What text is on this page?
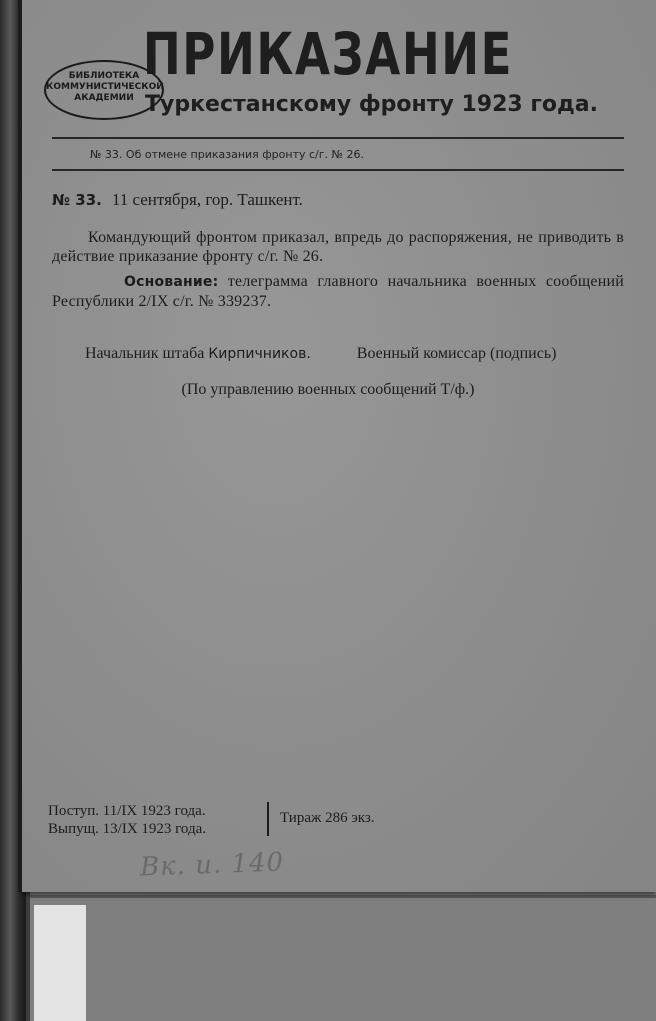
ПРИКАЗАНИЕ
Туркестанскому фронту 1923 года.
БИБЛИОТЕКА
КОММУНИСТИЧЕСКОЙ
АКАДЕМИИ
№ 33. Об отмене приказания фронту с/г. № 26.
№ 33. 11 сентября, гор. Ташкент.
Командующий фронтом приказал, впредь до распоряжения, не приводить в действие приказание фронту с/г. № 26.
Основание: телеграмма главного начальника военных сообщений Республики 2/IX с/г. № 339237.
Начальник штаба Кирпичников.	Военный комиссар (подпись)
(По управлению военных сообщений Т/ф.)
Поступ. 11/IX 1923 года.
Выпущ. 13/IX 1923 года.
Тираж 286 экз.
Вк. и. 140
